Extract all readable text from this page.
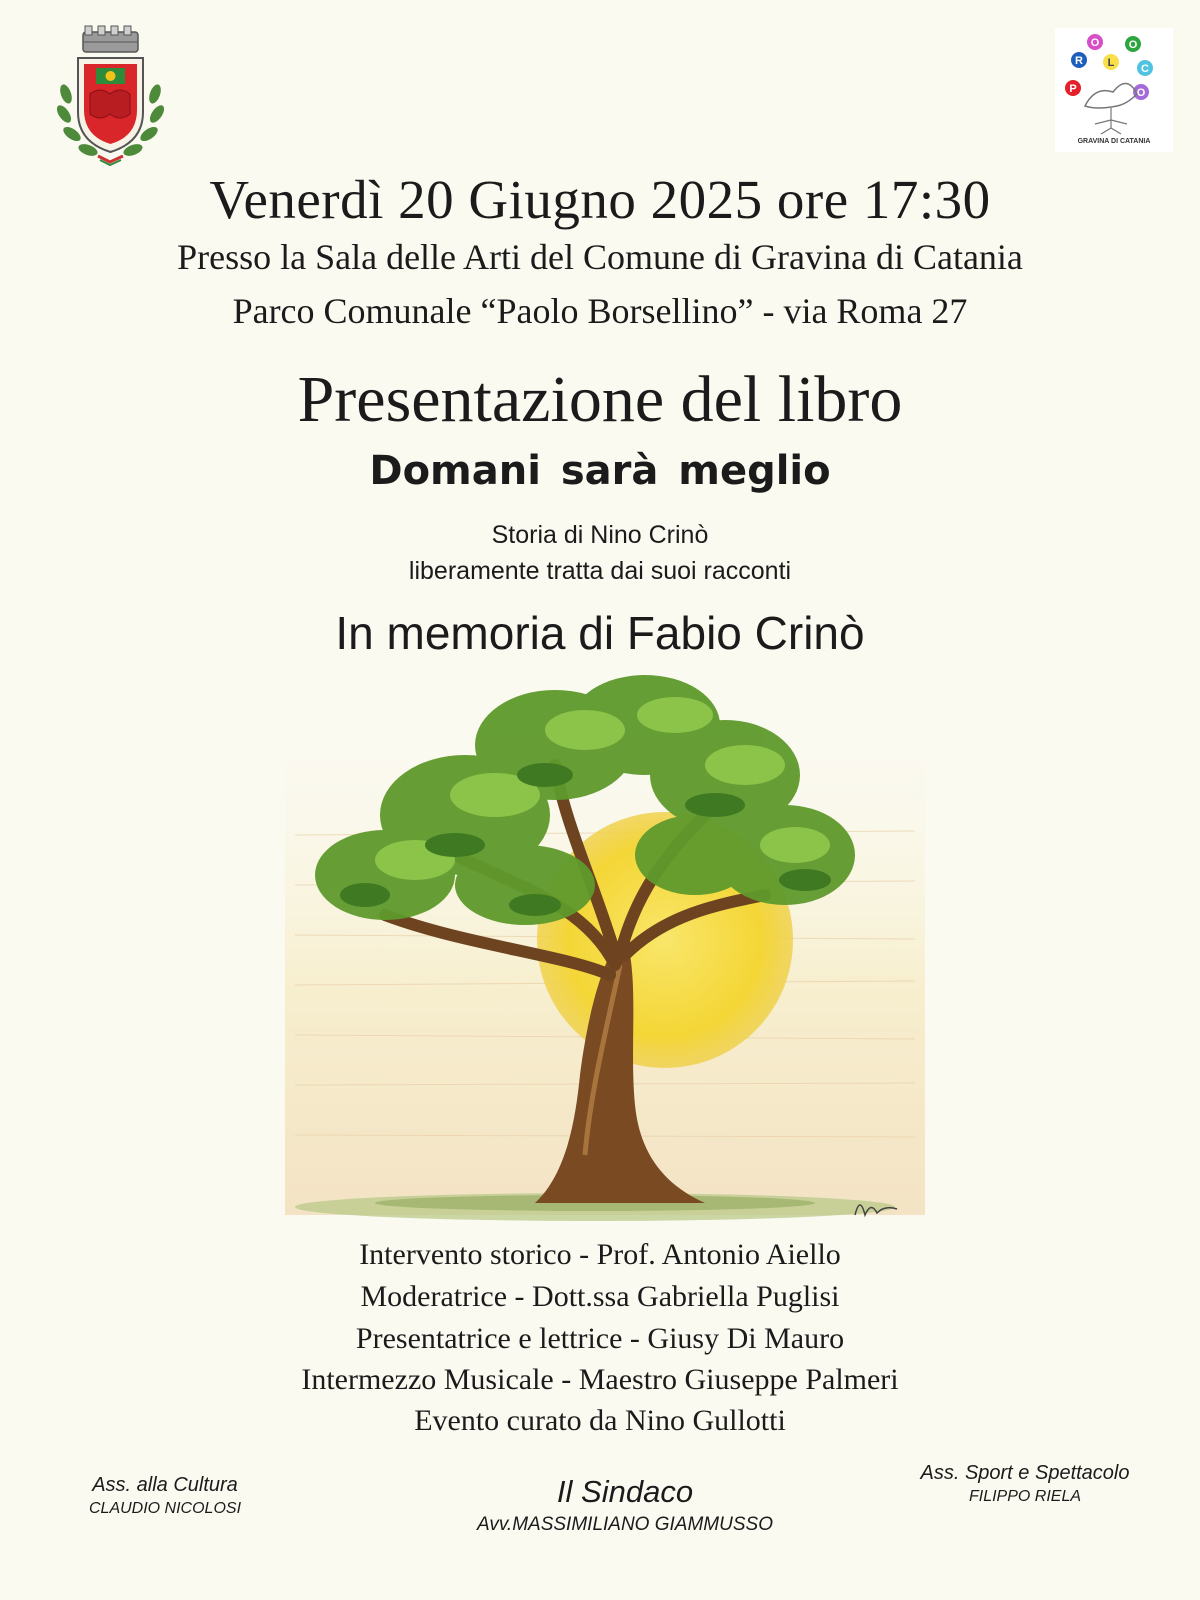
P
R
O
L
O
C
O
GRAVINA DI CATANIA
Venerdì 20 Giugno 2025 ore 17:30
Presso la Sala delle Arti del Comune di Gravina di Catania
Parco Comunale “Paolo Borsellino” - via Roma 27
Presentazione del libro
Domani sarà meglio
Storia di Nino Crinò
liberamente tratta dai suoi racconti
In memoria di Fabio Crinò
Intervento storico - Prof. Antonio Aiello
Moderatrice - Dott.ssa Gabriella Puglisi
Presentatrice e lettrice - Giusy Di Mauro
Intermezzo Musicale - Maestro Giuseppe Palmeri
Evento curato da Nino Gullotti
Ass. alla Cultura
CLAUDIO NICOLOSI	Il Sindaco
Avv.MASSIMILIANO GIAMMUSSO
Ass. Sport e Spettacolo
FILIPPO RIELA
